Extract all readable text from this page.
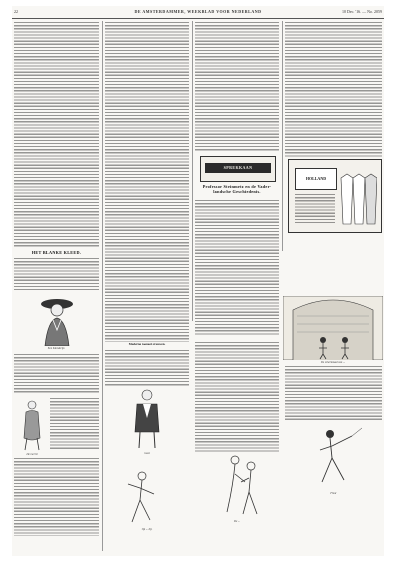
22	DE AMSTERDAMMER, WEEKBLAD VOOR NEDERLAND	10 Dec. '16. — No. 2059
HET BLANKE KLEED.
Een Kleedertje.
De Gerrit
SPREKKAAN
Professor Steinmetz en de Vader-landsche Geschiedenis.
HOLLAND
Moderne tooneel-vrouwen.
Gast
De schermzaal van ...
Op ... bij.
De ...
Fleur
